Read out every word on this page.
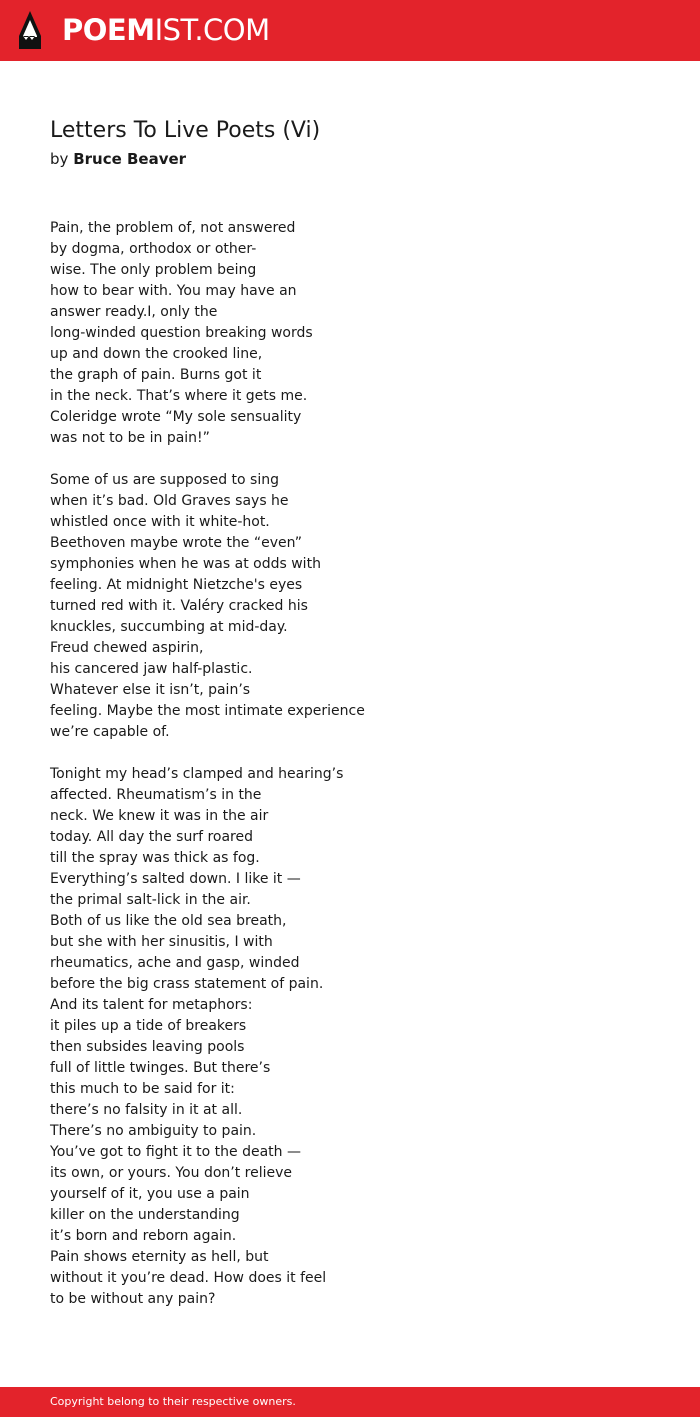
POEMIST.COM
Letters To Live Poets (Vi)
by Bruce Beaver
Pain, the problem of, not answered
by dogma, orthodox or other-
wise. The only problem being
how to bear with. You may have an
answer ready.I, only the
long-winded question breaking words
up and down the crooked line,
the graph of pain. Burns got it
in the neck. That’s where it gets me.
Coleridge wrote “My sole sensuality
was not to be in pain!”
Some of us are supposed to sing
when it’s bad. Old Graves says he
whistled once with it white-hot.
Beethoven maybe wrote the “even”
symphonies when he was at odds with
feeling. At midnight Nietzche's eyes
turned red with it. Valéry cracked his
knuckles, succumbing at mid-day.
Freud chewed aspirin,
his cancered jaw half-plastic.
Whatever else it isn’t, pain’s
feeling. Maybe the most intimate experience
we’re capable of.
Tonight my head’s clamped and hearing’s
affected. Rheumatism’s in the
neck. We knew it was in the air
today. All day the surf roared
till the spray was thick as fog.
Everything’s salted down. I like it —
the primal salt-lick in the air.
Both of us like the old sea breath,
but she with her sinusitis, I with
rheumatics, ache and gasp, winded
before the big crass statement of pain.
And its talent for metaphors:
it piles up a tide of breakers
then subsides leaving pools
full of little twinges. But there’s
this much to be said for it:
there’s no falsity in it at all.
There’s no ambiguity to pain.
You’ve got to fight it to the death —
its own, or yours. You don’t relieve
yourself of it, you use a pain
killer on the understanding
it’s born and reborn again.
Pain shows eternity as hell, but
without it you’re dead. How does it feel
to be without any pain?
Copyright belong to their respective owners.
